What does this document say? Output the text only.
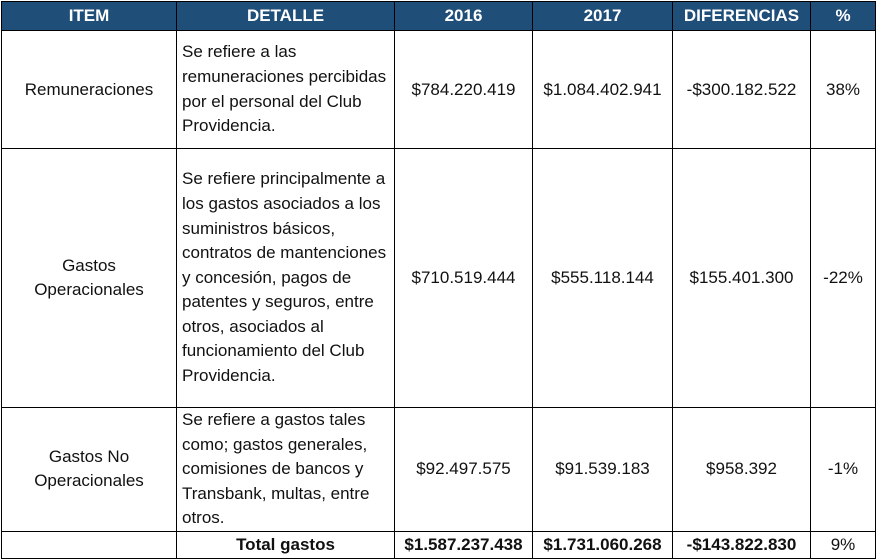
ITEM	DETALLE	2016	2017	DIFERENCIAS	%
Remuneraciones	Se refiere a las remuneraciones percibidas por el personal del Club Providencia.	$784.220.419	$1.084.402.941	-$300.182.522	38%
Gastos Operacionales	Se refiere principalmente a los gastos asociados a los suministros básicos, contratos de mantenciones y concesión, pagos de patentes y seguros, entre otros, asociados al funcionamiento del Club Providencia.	$710.519.444	$555.118.144	$155.401.300	-22%
Gastos No Operacionales	Se refiere a gastos tales como; gastos generales, comisiones de bancos y Transbank, multas, entre otros.	$92.497.575	$91.539.183	$958.392	-1%
	Total gastos	$1.587.237.438	$1.731.060.268	-$143.822.830	9%
